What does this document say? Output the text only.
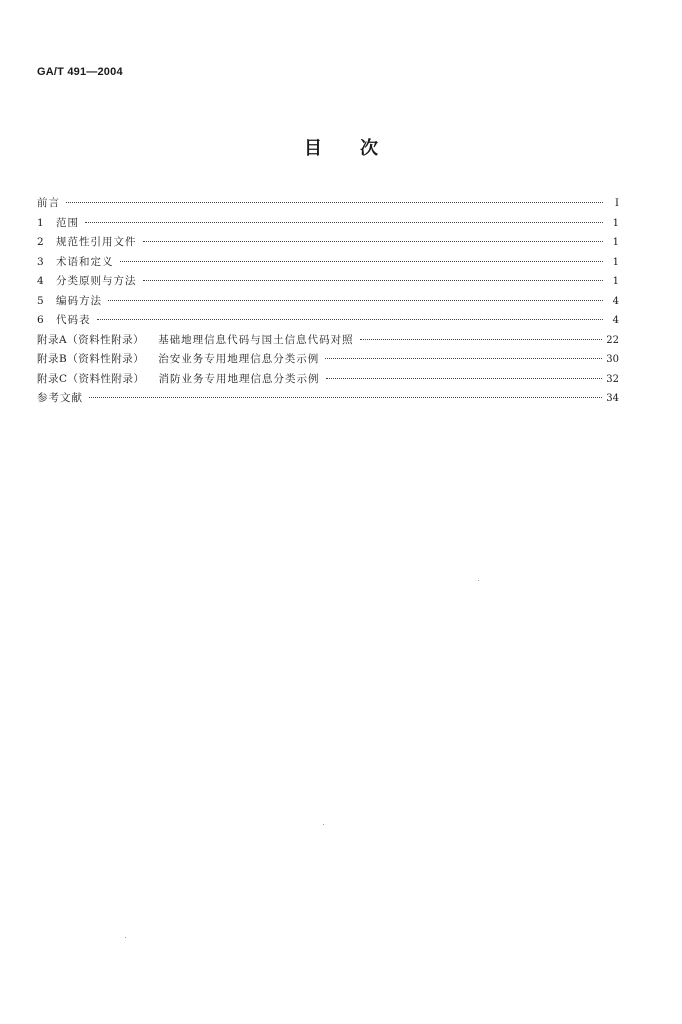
GA/T 491—2004
目次
前言	I
1	范围	1
2	规范性引用文件	1
3	术语和定义	1
4	分类原则与方法	1
5	编码方法	4
6	代码表	4
附录A（资料性附录） 基础地理信息代码与国土信息代码对照	22
附录B（资料性附录） 治安业务专用地理信息分类示例	30
附录C（资料性附录） 消防业务专用地理信息分类示例	32
参考文献	34
